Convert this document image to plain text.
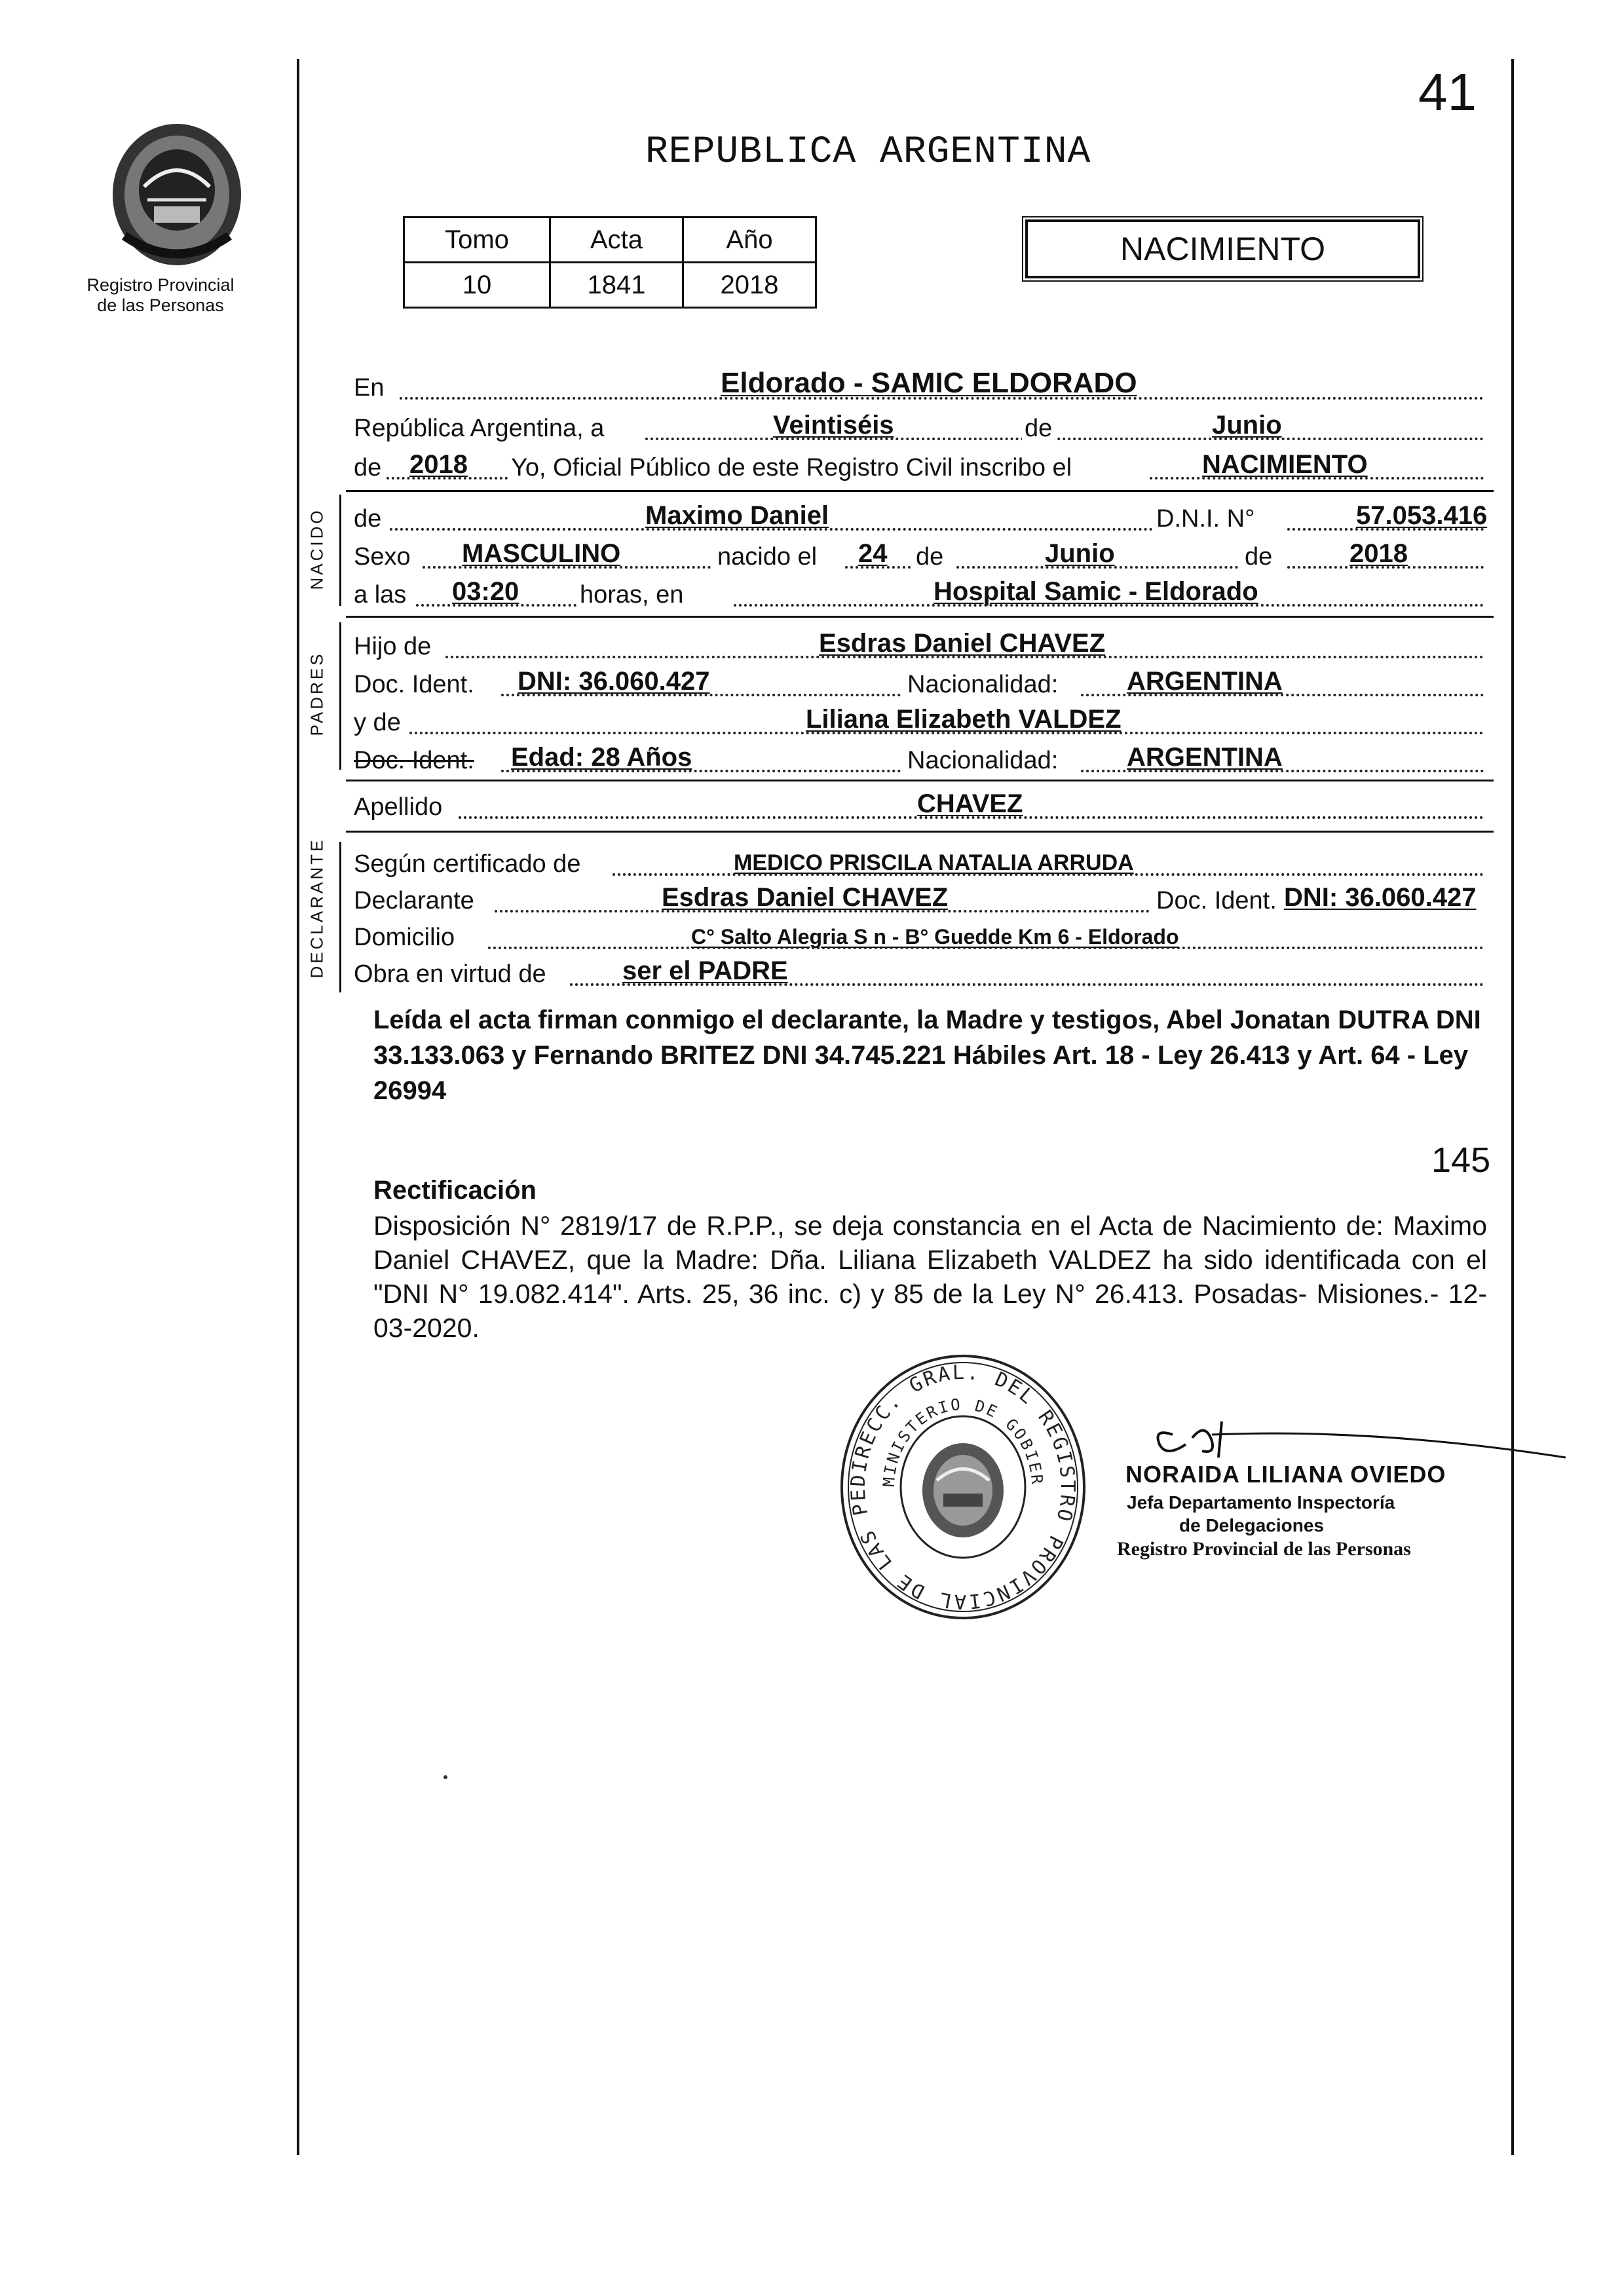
41
Registro Provincial
de las Personas
REPUBLICA ARGENTINA
Tomo	Acta	Año
10	1841	2018
NACIMIENTO
En	Eldorado - SAMIC ELDORADO
República Argentina, a	Veintiséis	de	Junio
de 2018 Yo, Oficial Público de este Registro Civil inscribo el	NACIMIENTO
NACIDO de	Maximo Daniel	D.N.I. N°	57.053.416
Sexo MASCULINO	nacido el 24 de	Junio	de	2018
a las 03:20 horas, en	Hospital Samic - Eldorado
PADRES
Hijo de	Esdras Daniel CHAVEZ
Doc. Ident. DNI: 36.060.427	Nacionalidad:	ARGENTINA
y de	Liliana Elizabeth VALDEZ
Doc. Ident. Edad: 28 Años	Nacionalidad:	ARGENTINA
Apellido	CHAVEZ
DECLARANTE Según certificado de	MEDICO PRISCILA NATALIA ARRUDA
Declarante	Esdras Daniel CHAVEZ	Doc. Ident. DNI: 36.060.427
Domicilio	C° Salto Alegria S n - B° Guedde Km 6 - Eldorado
Obra en virtud de	ser el PADRE
Leída el acta firman conmigo el declarante, la Madre y testigos, Abel Jonatan DUTRA DNI 33.133.063 y Fernando BRITEZ DNI 34.745.221 Hábiles Art. 18 - Ley 26.413 y Art. 64 - Ley 26994
145
Rectificación
Disposición N° 2819/17 de R.P.P., se deja constancia en el Acta de Nacimiento de: Maximo Daniel CHAVEZ, que la Madre: Dña. Liliana Elizabeth VALDEZ ha sido identificada con el "DNI N° 19.082.414". Arts. 25, 36 inc. c) y 85 de la Ley N° 26.413. Posadas- Misiones.- 12-03-2020.
DIRECC. GRAL. DEL REGISTRO PROVINCIAL DE LAS PE
MINISTERIO DE GOBIER	NORAIDA LILIANA OVIEDO
Jefa Departamento Inspectoría
de Delegaciones
Registro Provincial de las Personas
